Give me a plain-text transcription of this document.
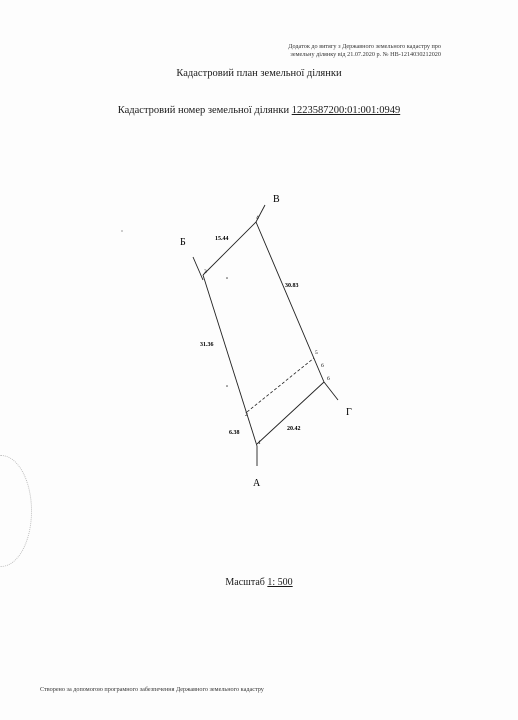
Додаток до витягу з Державного земельного кадастру про
земельну ділянку від 21.07.2020 р. № НВ-1214030212020
Кадастровий план земельної ділянки
Кадастровий номер земельної ділянки 1223587200:01:001:0949
А
Б
В
Г
15.44
30.83
31.36
6.38
20.42
1
2
3
4
5
6
6
Масштаб 1: 500
Створено за допомогою програмного забезпечення Державного земельного кадастру
